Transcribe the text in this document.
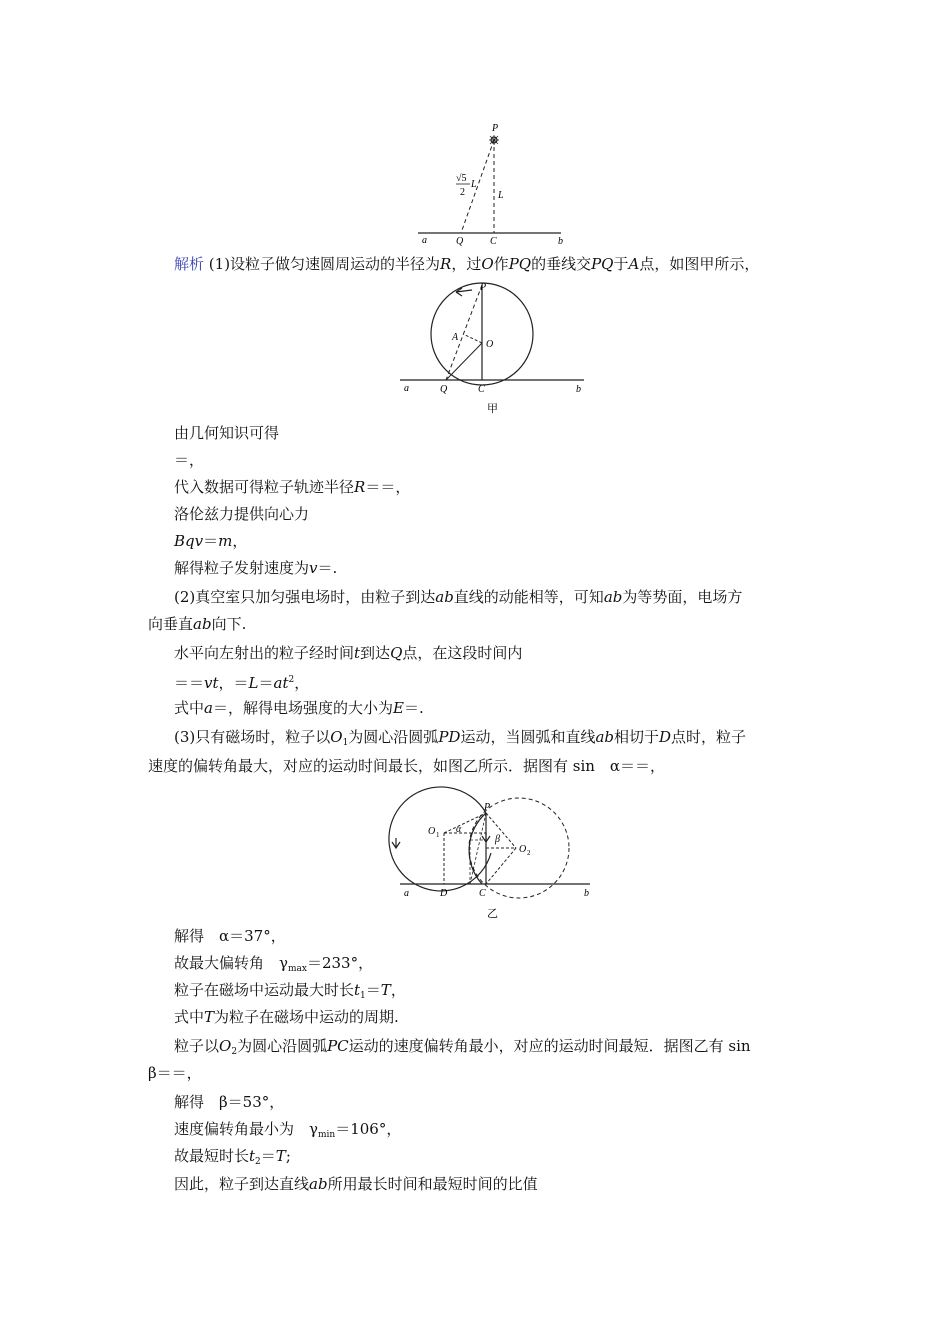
P
√5
2
L
L
a	Q	C	b
P
A
O
a	Q	C	b
甲
P
O 1 α
β
O 2
a	D	C	b
乙
解析 (1)设粒子做匀速圆周运动的半径为R，过O作PQ的垂线交PQ于A点，如图甲所示，
由几何知识可得
＝，
代入数据可得粒子轨迹半径R＝＝，
洛伦兹力提供向心力
Bqv＝m，
解得粒子发射速度为v＝.
(2)真空室只加匀强电场时，由粒子到达ab直线的动能相等，可知ab为等势面，电场方
向垂直ab向下.
水平向左射出的粒子经时间t到达Q点，在这段时间内
＝＝vt，$=L=at^2$，
式中a＝，解得电场强度的大小为E＝.
(3)只有磁场时，粒子以$O_1$为圆心沿圆弧PD运动，当圆弧和直线ab相切于D点时，粒子
速度的偏转角最大，对应的运动时间最长，如图乙所示．据图有 sin　α＝＝，
解得　α＝37°，
故最大偏转角　$\gamma_{max}=233^\circ$，
粒子在磁场中运动最大时长$t_1=T$，
式中T为粒子在磁场中运动的周期.
粒子以$O_2$为圆心沿圆弧PC运动的速度偏转角最小，对应的运动时间最短．据图乙有 sin
β＝＝，
解得　β＝53°，
速度偏转角最小为　$\gamma_{min}=106^\circ$，
故最短时长$t_2=T$;
因此，粒子到达直线ab所用最长时间和最短时间的比值
